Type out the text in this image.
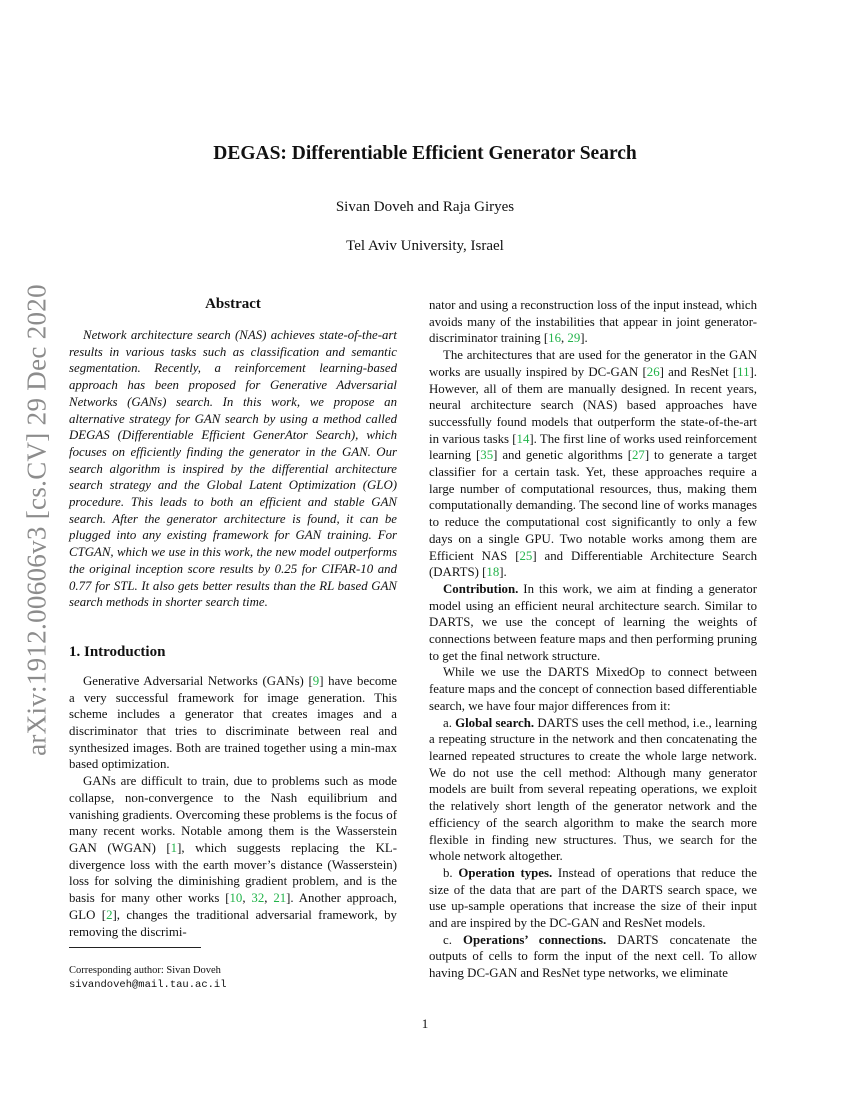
arXiv:1912.00606v3 [cs.CV] 29 Dec 2020
DEGAS: Differentiable Efficient Generator Search
Sivan Doveh and Raja Giryes
Tel Aviv University, Israel
Abstract

Network architecture search (NAS) achieves state-of-the-art results in various tasks such as classification and semantic segmentation. Recently, a reinforcement learning-based approach has been proposed for Generative Adversarial Networks (GANs) search. In this work, we propose an alternative strategy for GAN search by using a method called DEGAS (Differentiable Efficient GenerAtor Search), which focuses on efficiently finding the generator in the GAN. Our search algorithm is inspired by the differential architecture search strategy and the Global Latent Optimization (GLO) procedure. This leads to both an efficient and stable GAN search. After the generator architecture is found, it can be plugged into any existing framework for GAN training. For CTGAN, which we use in this work, the new model outperforms the original inception score results by 0.25 for CIFAR-10 and 0.77 for STL. It also gets better results than the RL based GAN search methods in shorter search time.

1. Introduction

Generative Adversarial Networks (GANs) [9] have become a very successful framework for image generation. This scheme includes a generator that creates images and a discriminator that tries to discriminate between real and synthesized images. Both are trained together using a min-max based optimization.

GANs are difficult to train, due to problems such as mode collapse, non-convergence to the Nash equilibrium and vanishing gradients. Overcoming these problems is the focus of many recent works. Notable among them is the Wasserstein GAN (WGAN) [1], which suggests replacing the KL-divergence loss with the earth mover’s distance (Wasserstein) loss for solving the diminishing gradient problem, and is the basis for many other works [10, 32, 21]. Another approach, GLO [2], changes the traditional adversarial framework, by removing the discrimi-

Corresponding author: Sivan Doveh
sivandoveh@mail.tau.ac.il

nator and using a reconstruction loss of the input instead, which avoids many of the instabilities that appear in joint generator-discriminator training [16, 29].

The architectures that are used for the generator in the GAN works are usually inspired by DC-GAN [26] and ResNet [11]. However, all of them are manually designed. In recent years, neural architecture search (NAS) based approaches have successfully found models that outperform the state-of-the-art in various tasks [14]. The first line of works used reinforcement learning [35] and genetic algorithms [27] to generate a target classifier for a certain task. Yet, these approaches require a large number of computational resources, thus, making them computationally demanding. The second line of works manages to reduce the computational cost significantly to only a few days on a single GPU. Two notable works among them are Efficient NAS [25] and Differentiable Architecture Search (DARTS) [18].

Contribution. In this work, we aim at finding a generator model using an efficient neural architecture search. Similar to DARTS, we use the concept of learning the weights of connections between feature maps and then performing pruning to get the final network structure.

While we use the DARTS MixedOp to connect between feature maps and the concept of connection based differentiable search, we have four major differences from it:

a. Global search. DARTS uses the cell method, i.e., learning a repeating structure in the network and then concatenating the learned repeated structures to create the whole large network. We do not use the cell method: Although many generator models are built from several repeating operations, we exploit the relatively short length of the generator network and the efficiency of the search algorithm to make the search more flexible in finding new structures. Thus, we search for the whole network altogether.

b. Operation types. Instead of operations that reduce the size of the data that are part of the DARTS search space, we use up-sample operations that increase the size of their input and are inspired by the DC-GAN and ResNet models.

c. Operations’ connections. DARTS concatenate the outputs of cells to form the input of the next cell. To allow having DC-GAN and ResNet type networks, we eliminate

1
